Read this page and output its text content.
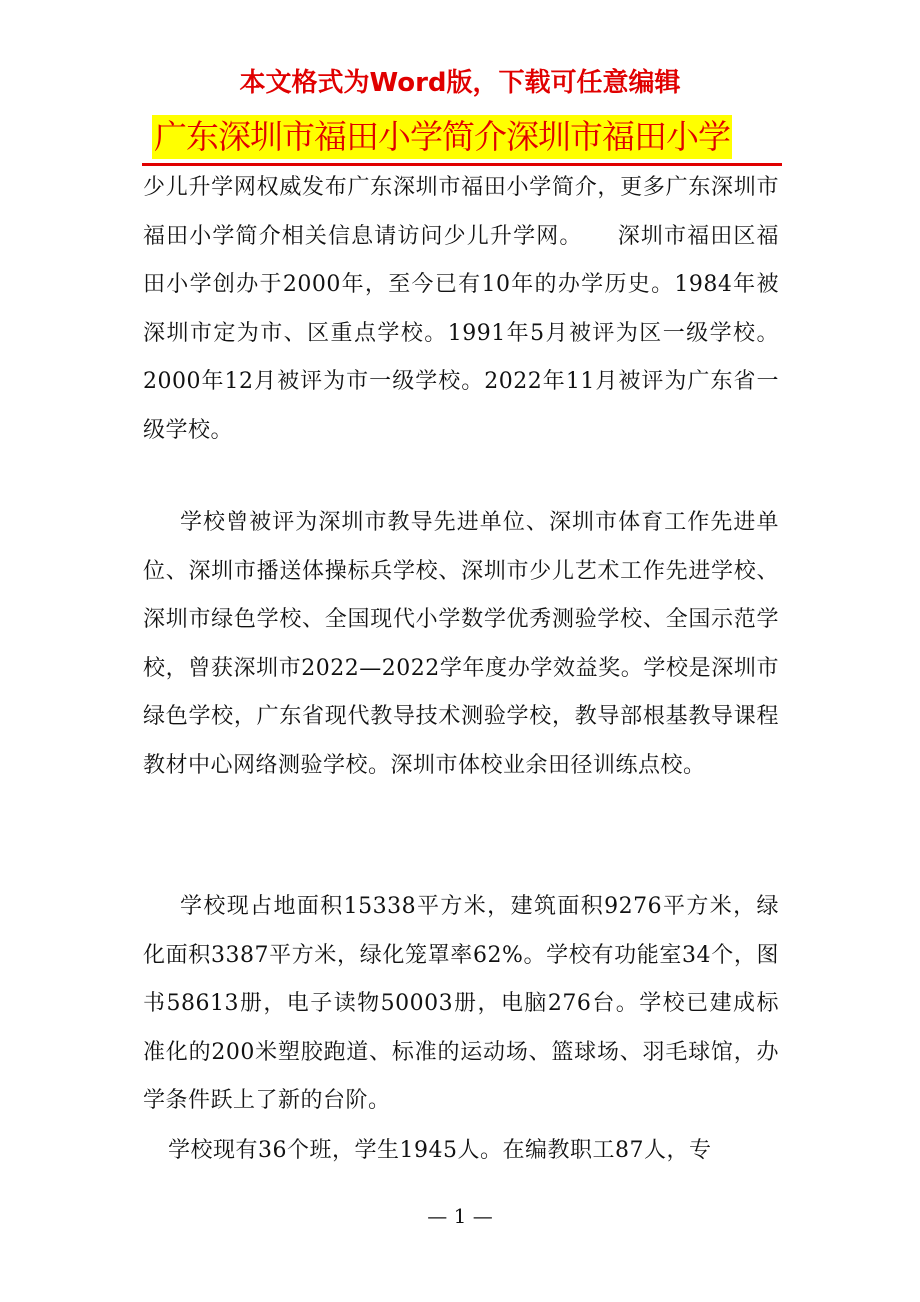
本文格式为Word版，下载可任意编辑
广东深圳市福田小学简介深圳市福田小学
少儿升学网权威发布广东深圳市福田小学简介，更多广东深圳市福田小学简介相关信息请访问少儿升学网。　　深圳市福田区福田小学创办于2000年，至今已有10年的办学历史。1984年被深圳市定为市、区重点学校。1991年5月被评为区一级学校。2000年12月被评为市一级学校。2022年11月被评为广东省一级学校。
学校曾被评为深圳市教导先进单位、深圳市体育工作先进单位、深圳市播送体操标兵学校、深圳市少儿艺术工作先进学校、深圳市绿色学校、全国现代小学数学优秀测验学校、全国示范学校，曾获深圳市2022—2022学年度办学效益奖。学校是深圳市绿色学校，广东省现代教导技术测验学校，教导部根基教导课程教材中心网络测验学校。深圳市体校业余田径训练点校。
学校现占地面积15338平方米，建筑面积9276平方米，绿化面积3387平方米，绿化笼罩率62%。学校有功能室34个，图书58613册，电子读物50003册，电脑276台。学校已建成标准化的200米塑胶跑道、标准的运动场、篮球场、羽毛球馆，办学条件跃上了新的台阶。
学校现有36个班，学生1945人。在编教职工87人，专
— 1 —
